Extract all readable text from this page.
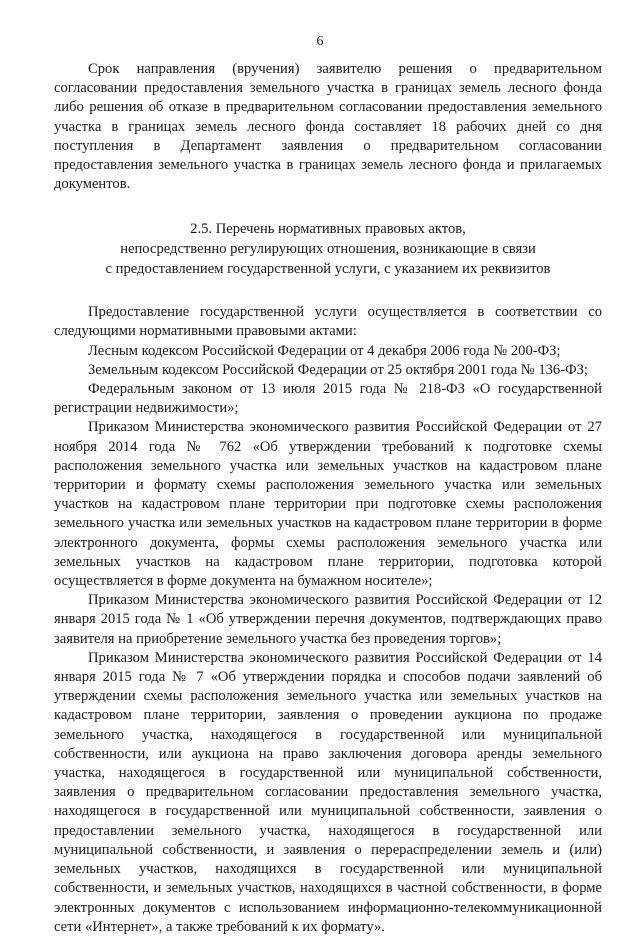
6

Срок направления (вручения) заявителю решения о предварительном согласовании предоставления земельного участка в границах земель лесного фонда либо решения об отказе в предварительном согласовании предоставления земельного участка в границах земель лесного фонда составляет 18 рабочих дней со дня поступления в Департамент заявления о предварительном согласовании предоставления земельного участка в границах земель лесного фонда и прилагаемых документов.

2.5. Перечень нормативных правовых актов,
непосредственно регулирующих отношения, возникающие в связи
с предоставлением государственной услуги, с указанием их реквизитов

Предоставление государственной услуги осуществляется в соответствии со следующими нормативными правовыми актами:

Лесным кодексом Российской Федерации от 4 декабря 2006 года № 200-ФЗ;

Земельным кодексом Российской Федерации от 25 октября 2001 года № 136-ФЗ;

Федеральным законом от 13 июля 2015 года № 218-ФЗ «О государственной регистрации недвижимости»;

Приказом Министерства экономического развития Российской Федерации от 27 ноября 2014 года № 762 «Об утверждении требований к подготовке схемы расположения земельного участка или земельных участков на кадастровом плане территории и формату схемы расположения земельного участка или земельных участков на кадастровом плане территории при подготовке схемы расположения земельного участка или земельных участков на кадастровом плане территории в форме электронного документа, формы схемы расположения земельного участка или земельных участков на кадастровом плане территории, подготовка которой осуществляется в форме документа на бумажном носителе»;

Приказом Министерства экономического развития Российской Федерации от 12 января 2015 года № 1 «Об утверждении перечня документов, подтверждающих право заявителя на приобретение земельного участка без проведения торгов»;

Приказом Министерства экономического развития Российской Федерации от 14 января 2015 года № 7 «Об утверждении порядка и способов подачи заявлений об утверждении схемы расположения земельного участка или земельных участков на кадастровом плане территории, заявления о проведении аукциона по продаже земельного участка, находящегося в государственной или муниципальной собственности, или аукциона на право заключения договора аренды земельного участка, находящегося в государственной или муниципальной собственности, заявления о предварительном согласовании предоставления земельного участка, находящегося в государственной или муниципальной собственности, заявления о предоставлении земельного участка, находящегося в государственной или муниципальной собственности, и заявления о перераспределении земель и (или) земельных участков, находящихся в государственной или муниципальной собственности, и земельных участков, находящихся в частной собственности, в форме электронных документов с использованием информационно-телекоммуникационной сети «Интернет», а также требований к их формату».
